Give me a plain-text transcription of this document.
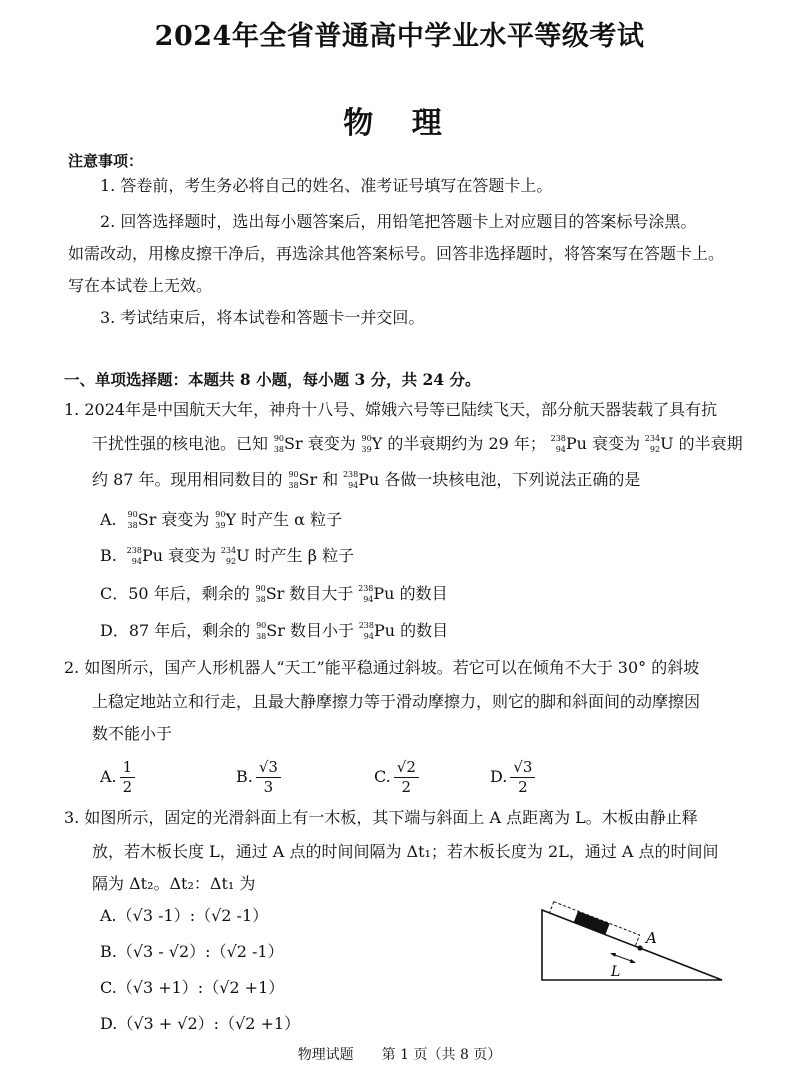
2024年全省普通高中学业水平等级考试
物 理
注意事项：
1. 答卷前，考生务必将自己的姓名、准考证号填写在答题卡上。
2. 回答选择题时，选出每小题答案后，用铅笔把答题卡上对应题目的答案标号涂黑。
如需改动，用橡皮擦干净后，再选涂其他答案标号。回答非选择题时，将答案写在答题卡上。
写在本试卷上无效。
3. 考试结束后，将本试卷和答题卡一并交回。
一、单项选择题：本题共 8 小题，每小题 3 分，共 24 分。
1. 2024年是中国航天大年，神舟十八号、嫦娥六号等已陆续飞天，部分航天器装载了具有抗
干扰性强的核电池。已知 90
38 Sr 衰变为 90
39 Y 的半衰期约为 29 年； 238
94 Pu 衰变为 234
92 U 的半衰期
约 87 年。现用相同数目的 90
38 Sr 和 238
94 Pu 各做一块核电池，下列说法正确的是
A. 90
38 Sr 衰变为 90
39 Y 时产生 α 粒子
B. 238
94 Pu 衰变为 234
92 U 时产生 β 粒子
C．50 年后，剩余的 90
38 Sr 数目大于 238
94 Pu 的数目
D．87 年后，剩余的 90
38 Sr 数目小于 238
94 Pu 的数目
2. 如图所示，国产人形机器人“天工”能平稳通过斜坡。若它可以在倾角不大于 30° 的斜坡
上稳定地站立和行走，且最大静摩擦力等于滑动摩擦力，则它的脚和斜面间的动摩擦因
数不能小于
A. $\frac{1}{2}$	B. $\frac{√3}{3}$	C. $\frac{√2}{2}$	D. $\frac{√3}{2}$
3. 如图所示，固定的光滑斜面上有一木板，其下端与斜面上 A 点距离为 L。木板由静止释
放，若木板长度 L，通过 A 点的时间间隔为 Δt₁；若木板长度为 2L，通过 A 点的时间间
隔为 Δt₂。Δt₂：Δt₁ 为
A.（√3 -1）:（√2 -1）
B.（√3 - √2）:（√2 -1）
C.（√3 +1）:（√2 +1）
D.（√3 + √2）:（√2 +1）
A
L
物理试题　　第 1 页（共 8 页）
